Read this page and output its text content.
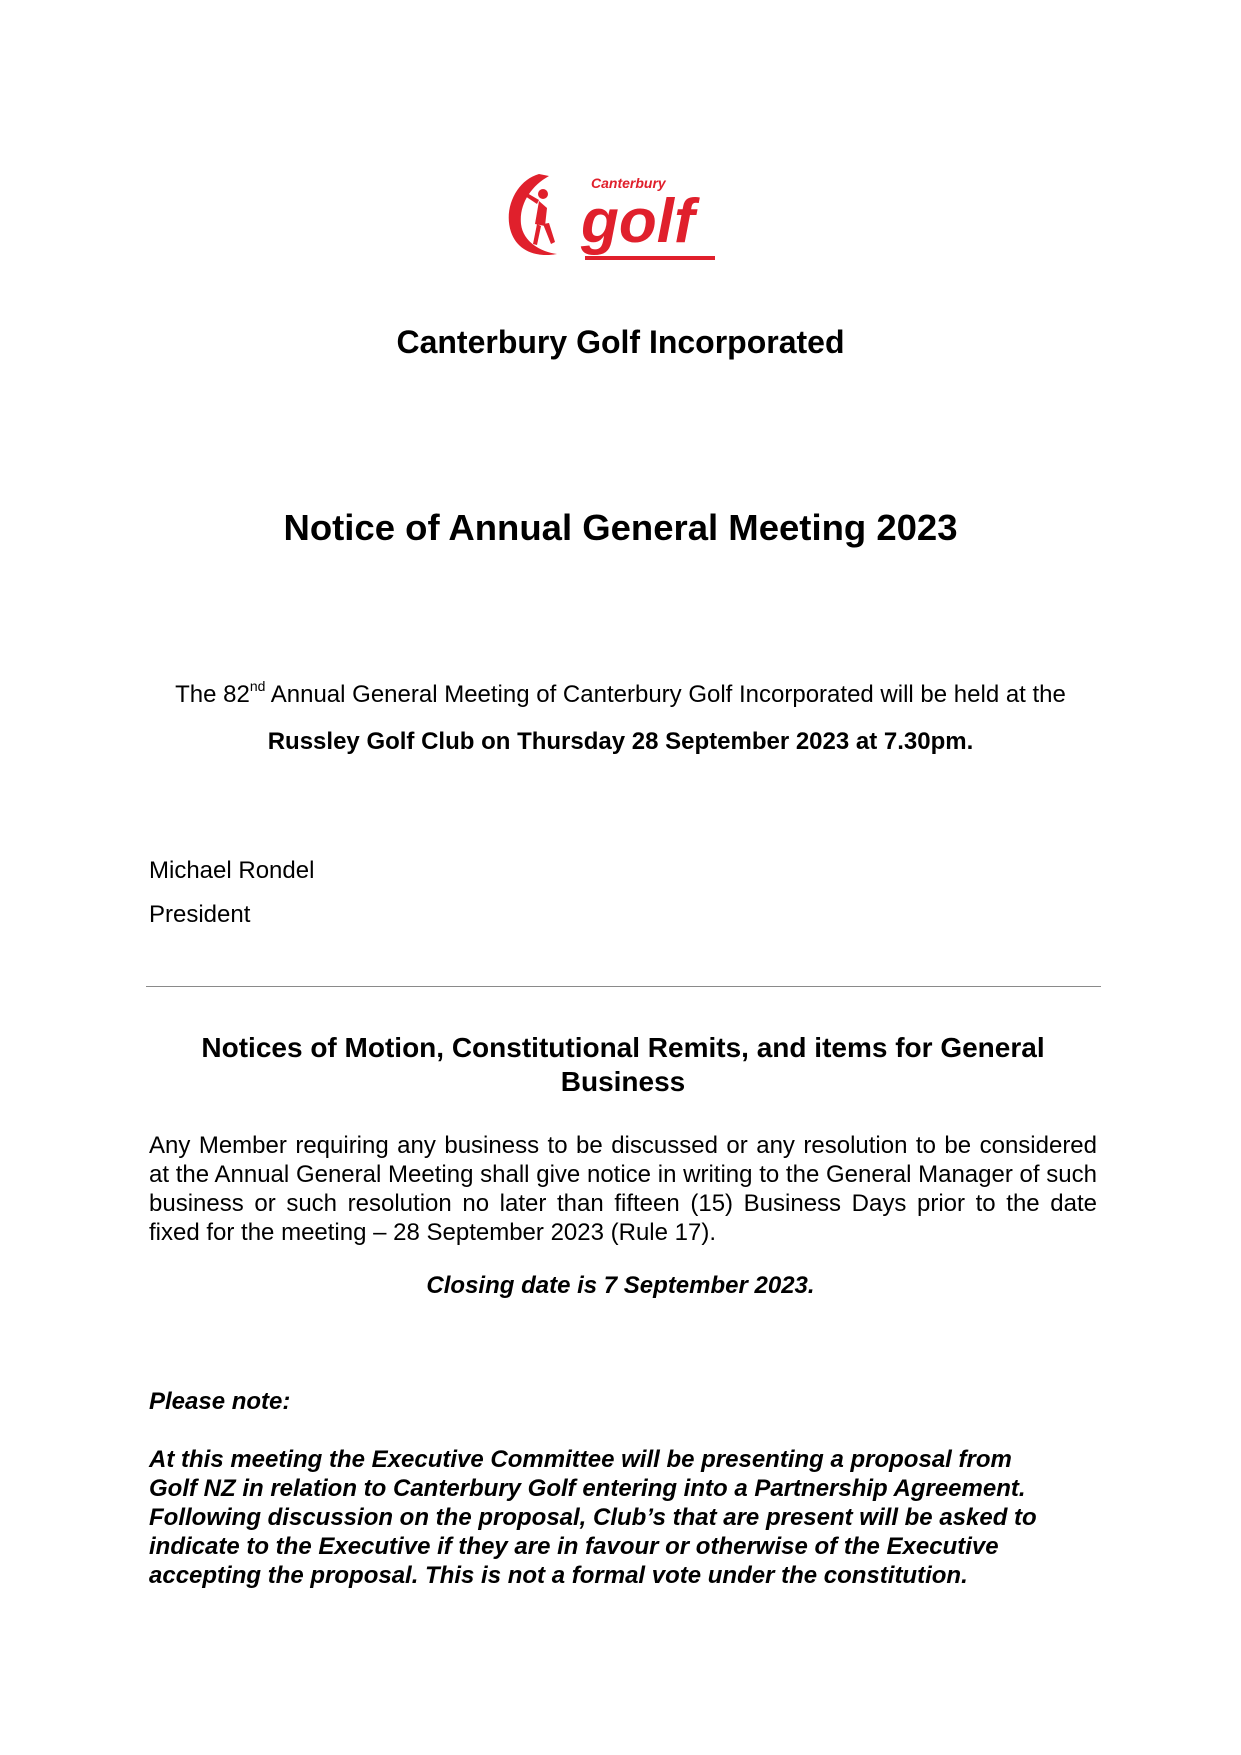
Canterbury
golf
Canterbury Golf Incorporated
Notice of Annual General Meeting 2023

The 82nd Annual General Meeting of Canterbury Golf Incorporated will be held at the

Russley Golf Club on Thursday 28 September 2023 at 7.30pm.

Michael Rondel

President

Notices of Motion, Constitutional Remits, and items for General
Business

Any Member requiring any business to be discussed or any resolution to be considered at the Annual General Meeting shall give notice in writing to the General Manager of such business or such resolution no later than fifteen (15) Business Days prior to the date fixed for the meeting – 28 September 2023 (Rule 17).

Closing date is 7 September 2023.

Please note:

At this meeting the Executive Committee will be presenting a proposal from
Golf NZ in relation to Canterbury Golf entering into a Partnership Agreement.
Following discussion on the proposal, Club’s that are present will be asked to
indicate to the Executive if they are in favour or otherwise of the Executive
accepting the proposal. This is not a formal vote under the constitution.
